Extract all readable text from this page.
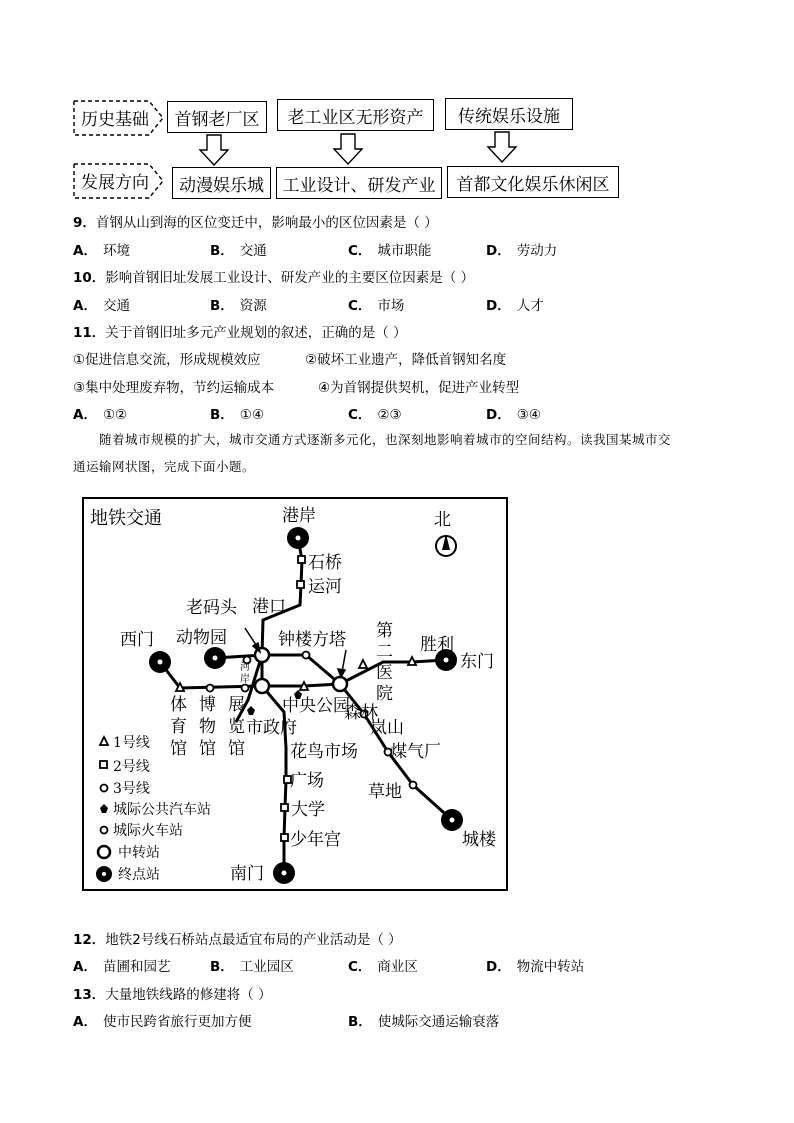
历史基础
发展方向
首钢老厂区	老工业区无形资产	传统娱乐设施
动漫娱乐城	工业设计、研发产业	首都文化娱乐休闲区
9．首钢从山到海的区位变迁中，影响最小的区位因素是（ ）
A． 环境	B． 交通	C． 城市职能	D． 劳动力
10．影响首钢旧址发展工业设计、研发产业的主要区位因素是（ ）
A． 交通	B． 资源	C． 市场	D． 人才
11．关于首钢旧址多元产业规划的叙述，正确的是（ ）
①促进信息交流，形成规模效应	②破坏工业遗产，降低首钢知名度
③集中处理废弃物，节约运输成本	④为首钢提供契机，促进产业转型
A． ①②	B． ①④	C． ②③	D． ③④
随着城市规模的扩大，城市交通方式逐渐多元化，也深刻地影响着城市的空间结构。读我国某城市交
通运输网状图，完成下面小题。
地铁交通	北
港岸
石桥
运河
老码头 港口
西门 动物园	钟楼方塔	胜利
东门
森林
岚山
煤气厂
花鸟市场
广场
草地
大学
少年宫	城楼
南门
中央公园
体育馆
博物馆
展览馆
第二医院
河岸
市政府
1号线
2号线
3号线
城际公共汽车站
城际火车站
中转站
终点站
12．地铁2号线石桥站点最适宜布局的产业活动是（ ）
A． 苗圃和园艺	B． 工业园区	C． 商业区	D． 物流中转站
13．大量地铁线路的修建将（ ）
A． 使市民跨省旅行更加方便	B． 使城际交通运输衰落
